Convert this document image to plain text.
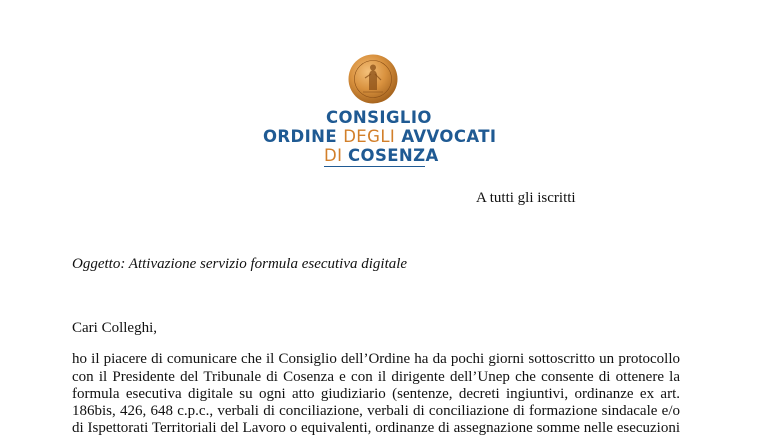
CONSIGLIO
ORDINE DEGLI AVVOCATI
DI COSENZA
A tutti gli iscritti
Oggetto: Attivazione servizio formula esecutiva digitale
Cari Colleghi,
ho il piacere di comunicare che il Consiglio dell’Ordine ha da pochi giorni sottoscritto un protocollo
con il Presidente del Tribunale di Cosenza e con il dirigente dell’Unep che consente di ottenere la
formula esecutiva digitale su ogni atto giudiziario (sentenze, decreti ingiuntivi, ordinanze ex art.
186bis, 426, 648 c.p.c., verbali di conciliazione, verbali di conciliazione di formazione sindacale e/o
di Ispettorati Territoriali del Lavoro o equivalenti, ordinanze di assegnazione somme nelle esecuzioni
